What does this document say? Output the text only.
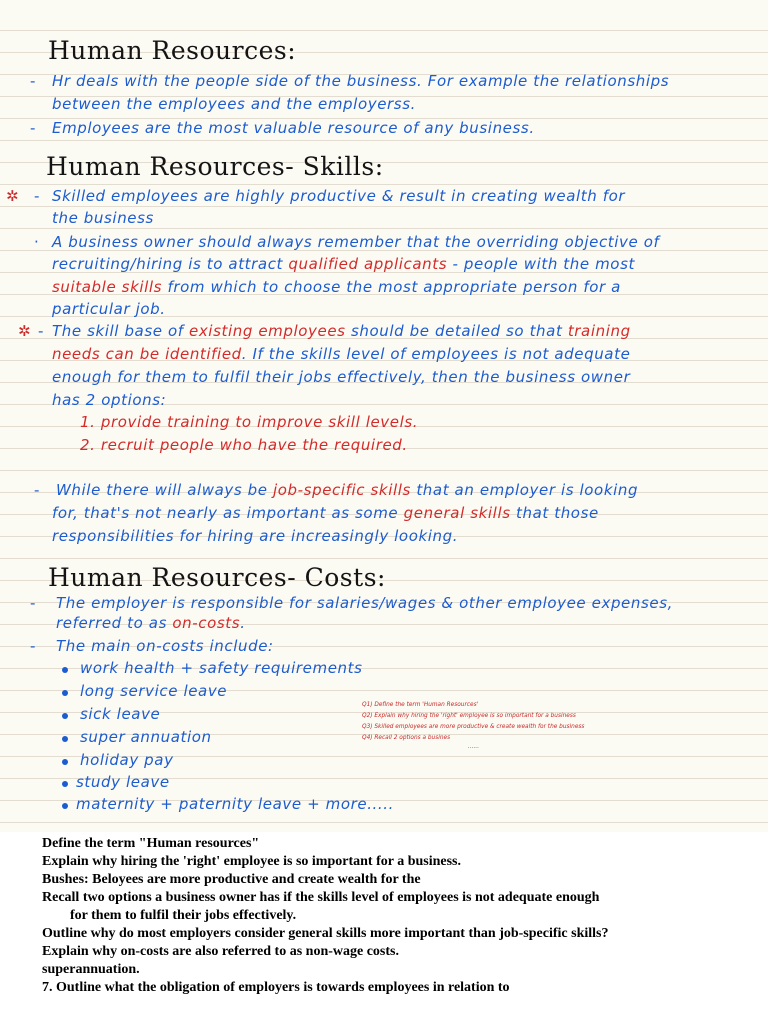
Human Resources:
- Hr deals with the people side of the business. For example the relationships
between the employees and the employerss.
- Employees are the most valuable resource of any business.
Human Resources- Skills:
✲ - Skilled employees are highly productive & result in creating wealth for
the business
· A business owner should always remember that the overriding objective of
recruiting/hiring is to attract qualified applicants - people with the most
suitable skills from which to choose the most appropriate person for a
particular job.
✲ - The skill base of existing employees should be detailed so that training
needs can be identified. If the skills level of employees is not adequate
enough for them to fulfil their jobs effectively, then the business owner
has 2 options:
1. provide training to improve skill levels.
2. recruit people who have the required.
- While there will always be job-specific skills that an employer is looking
for, that's not nearly as important as some general skills that those
responsibilities for hiring are increasingly looking.
Human Resources- Costs:
- The employer is responsible for salaries/wages & other employee expenses,
referred to as on-costs.
- The main on-costs include:
work health + safety requirements
long service leave
sick leave
super annuation
holiday pay
study leave
maternity + paternity leave + more.....
Q1) Define the term 'Human Resources'
Q2) Explain why hiring the 'right' employee is so important for a business
Q3) Skilled employees are more productive & create wealth for the business
Q4) Recall 2 options a busines
......
Define the term "Human resources"
Explain why hiring the 'right' employee is so important for a business.
Bushes: Beloyees are more productive and create wealth for the
Recall two options a business owner has if the skills level of employees is not adequate enough
for them to fulfil their jobs effectively.
Outline why do most employers consider general skills more important than job-specific skills?
Explain why on-costs are also referred to as non-wage costs.
superannuation.
7. Outline what the obligation of employers is towards employees in relation to
